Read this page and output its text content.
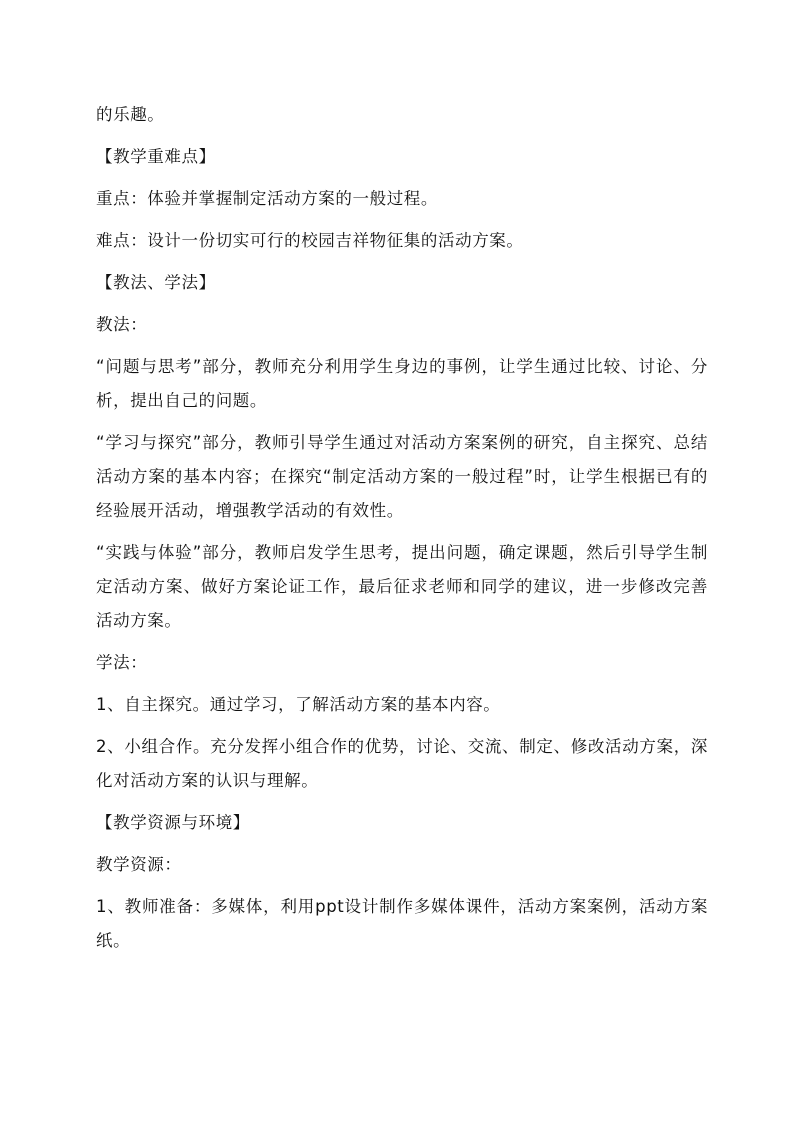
的乐趣。

【教学重难点】

重点：体验并掌握制定活动方案的一般过程。

难点：设计一份切实可行的校园吉祥物征集的活动方案。

【教法、学法】

教法：

“问题与思考”部分，教师充分利用学生身边的事例，让学生通过比较、讨论、分析，提出自己的问题。

“学习与探究”部分，教师引导学生通过对活动方案案例的研究，自主探究、总结活动方案的基本内容；在探究“制定活动方案的一般过程”时，让学生根据已有的经验展开活动，增强教学活动的有效性。

“实践与体验”部分，教师启发学生思考，提出问题，确定课题，然后引导学生制定活动方案、做好方案论证工作，最后征求老师和同学的建议，进一步修改完善活动方案。

学法：

1、自主探究。通过学习，了解活动方案的基本内容。

2、小组合作。充分发挥小组合作的优势，讨论、交流、制定、修改活动方案，深化对活动方案的认识与理解。

【教学资源与环境】

教学资源：

1、教师准备：多媒体，利用ppt设计制作多媒体课件，活动方案案例，活动方案纸。
